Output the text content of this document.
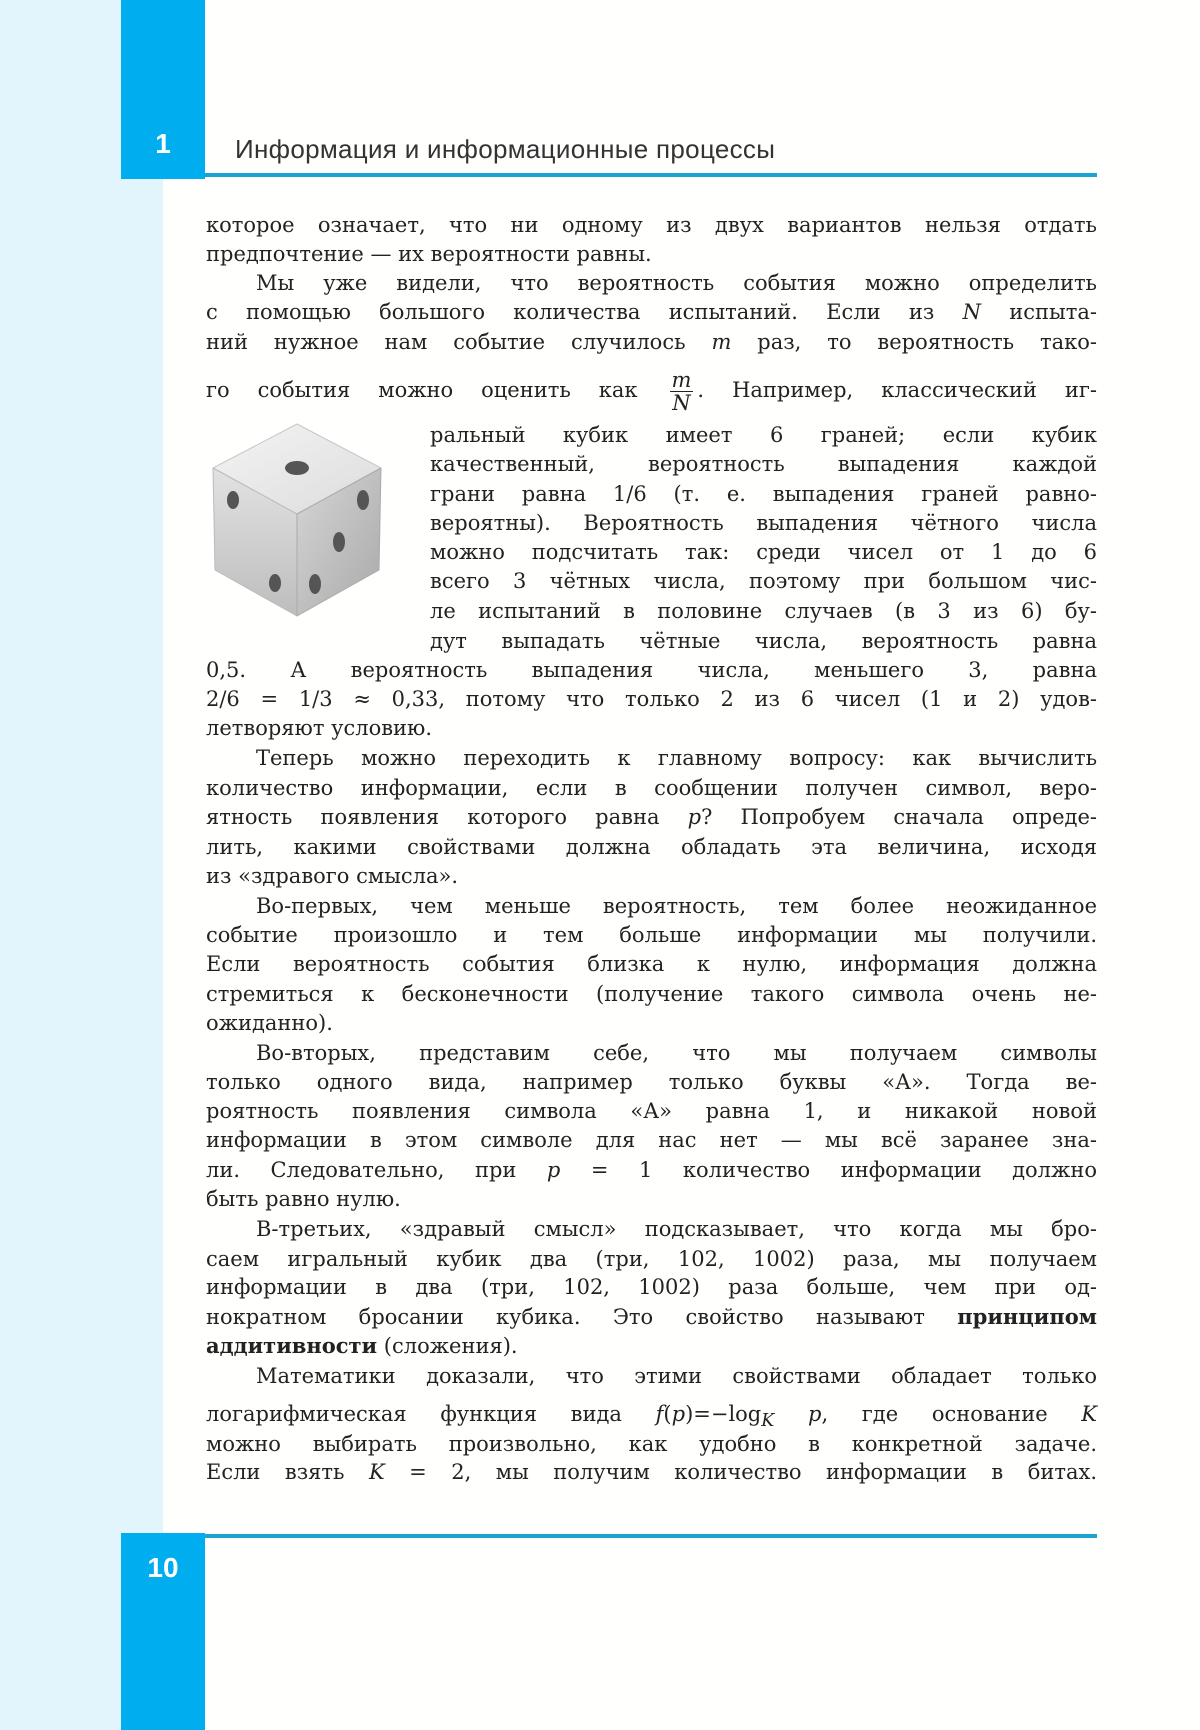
1	Информация и информационные процессы
10
которое означает, что ни одному из двух вариантов нельзя отдать
предпочтение — их вероятности равны.
Мы уже видели, что вероятность события можно определить
с помощью большого количества испытаний. Если из N испыта-
ний нужное нам событие случилось m раз, то вероятность тако-
го события можно оценить как $\frac{m}{N}$ . Например, классический иг-
ральный кубик имеет 6 граней; если кубик
качественный, вероятность выпадения каждой
грани равна 1/6 (т. е. выпадения граней равно-
вероятны). Вероятность выпадения чётного числа
можно подсчитать так: среди чисел от 1 до 6
всего 3 чётных числа, поэтому при большом чис-
ле испытаний в половине случаев (в 3 из 6) бу-
дут выпадать чётные числа, вероятность равна
0,5. А вероятность выпадения числа, меньшего 3, равна
2/6 = 1/3 ≈ 0,33, потому что только 2 из 6 чисел (1 и 2) удов-
летворяют условию.
Теперь можно переходить к главному вопросу: как вычислить
количество информации, если в сообщении получен символ, веро-
ятность появления которого равна p? Попробуем сначала опреде-
лить, какими свойствами должна обладать эта величина, исходя
из «здравого смысла».
Во-первых, чем меньше вероятность, тем более неожиданное
событие произошло и тем больше информации мы получили.
Если вероятность события близка к нулю, информация должна
стремиться к бесконечности (получение такого символа очень не-
ожиданно).
Во-вторых, представим себе, что мы получаем символы
только одного вида, например только буквы «А». Тогда ве-
роятность появления символа «А» равна 1, и никакой новой
информации в этом символе для нас нет — мы всё заранее зна-
ли. Следовательно, при p = 1 количество информации должно
быть равно нулю.
В-третьих, «здравый смысл» подсказывает, что когда мы бро-
саем игральный кубик два (три, 102, 1002) раза, мы получаем
информации в два (три, 102, 1002) раза больше, чем при од-
нократном бросании кубика. Это свойство называют принципом
аддитивности (сложения).
Математики доказали, что этими свойствами обладает только
логарифмическая функция вида $f(p)=-\log_K$ p, где основание K
можно выбирать произвольно, как удобно в конкретной задаче.
Если взять K = 2, мы получим количество информации в битах.
